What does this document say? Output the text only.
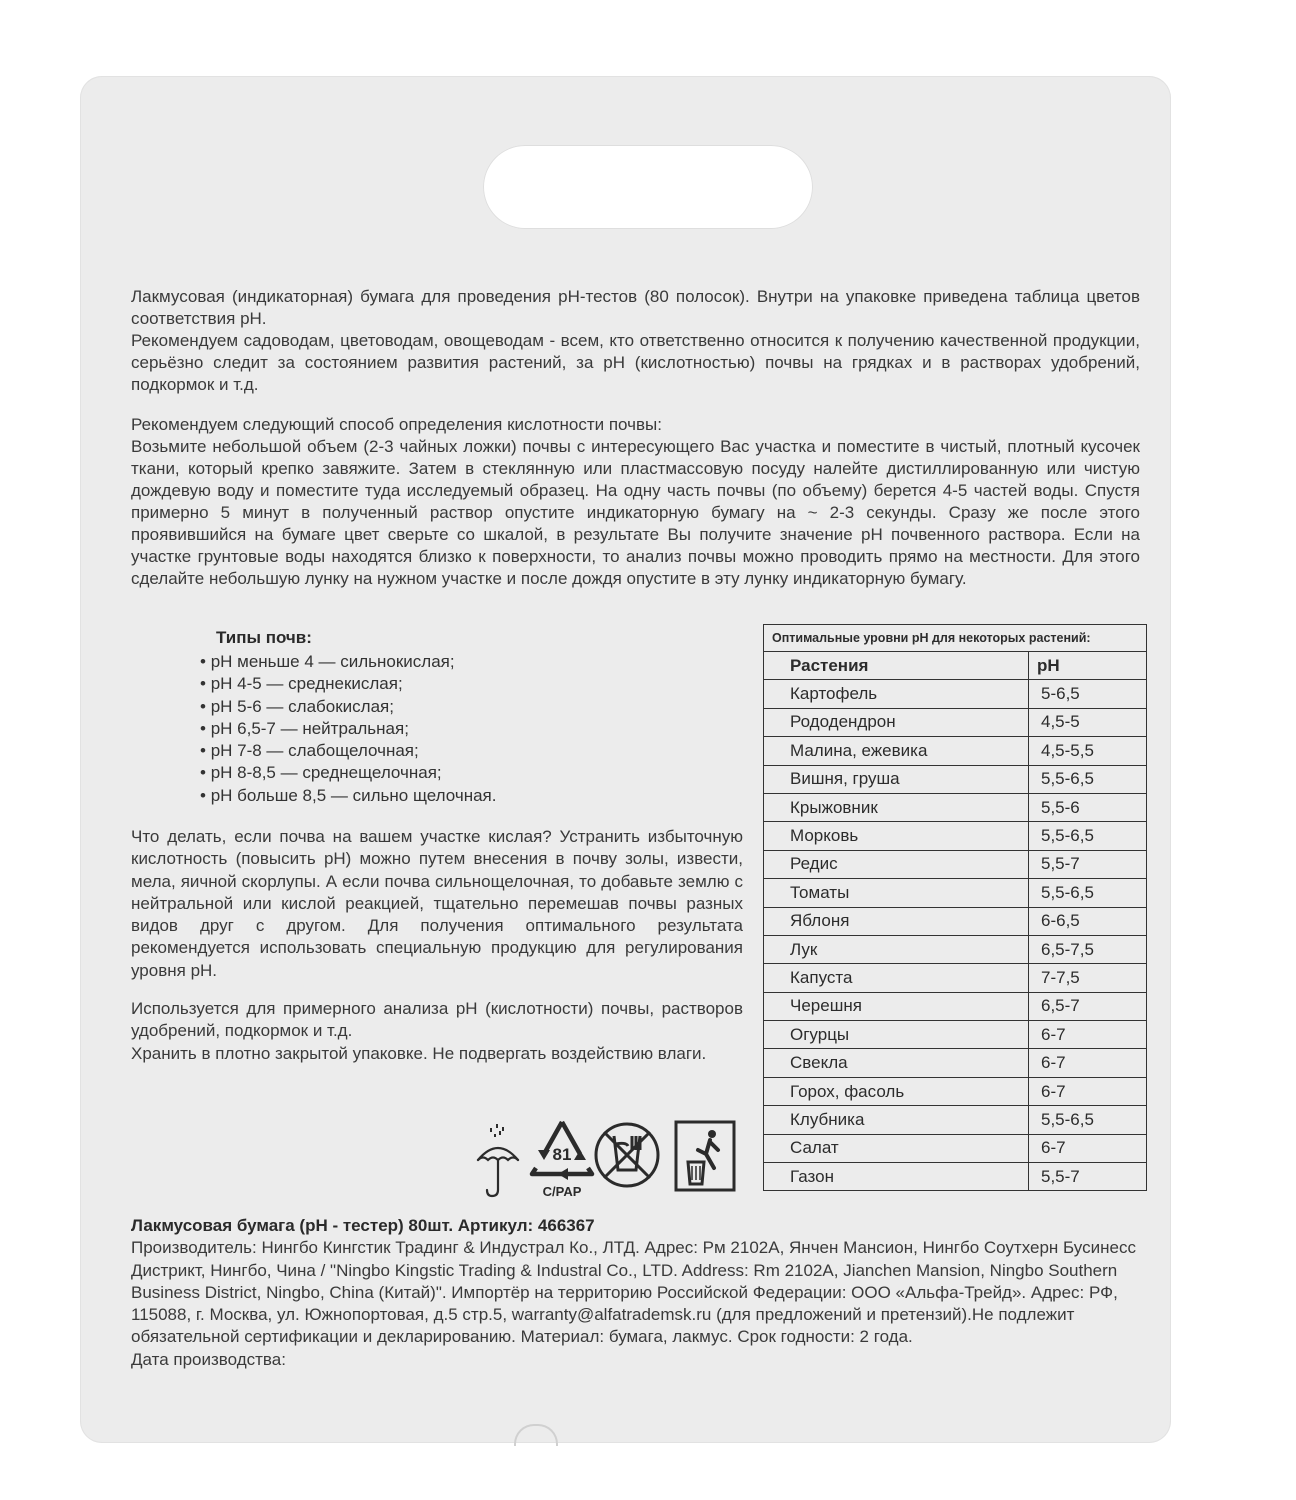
Лакмусовая (индикаторная) бумага для проведения pH-тестов (80 полосок). Внутри на упаковке приведена таблица цветов соответствия pH.

Рекомендуем садоводам, цветоводам, овощеводам - всем, кто ответственно относится к получению качественной продукции, серьёзно следит за состоянием развития растений, за pH (кислотностью) почвы на грядках и в растворах удобрений, подкормок и т.д.

Рекомендуем следующий способ определения кислотности почвы:

Возьмите небольшой объем (2-3 чайных ложки) почвы с интересующего Вас участка и поместите в чистый, плотный кусочек ткани, который крепко завяжите. Затем в стеклянную или пластмассовую посуду налейте дистиллированную или чистую дождевую воду и поместите туда исследуемый образец. На одну часть почвы (по объему) берется 4-5 частей воды. Спустя примерно 5 минут в полученный раствор опустите индикаторную бумагу на ~ 2-3 секунды. Сразу же после этого проявившийся на бумаге цвет сверьте со шкалой, в результате Вы получите значение pH почвенного раствора. Если на участке грунтовые воды находятся близко к поверхности, то анализ почвы можно проводить прямо на местности. Для этого сделайте небольшую лунку на нужном участке и после дождя опустите в эту лунку индикаторную бумагу.

Типы почв:
• pH меньше 4 — сильнокислая;
• pH 4-5 — среднекислая;
• pH 5-6 — слабокислая;
• pH 6,5-7 — нейтральная;
• pH 7-8 — слабощелочная;
• pH 8-8,5 — среднещелочная;
• pH больше 8,5 — сильно щелочная.

Что делать, если почва на вашем участке кислая? Устранить избыточную кислотность (повысить pH) можно путем внесения в почву золы, извести, мела, яичной скорлупы. А если почва сильнощелочная, то добавьте землю с нейтральной или кислой реакцией, тщательно перемешав почвы разных видов друг с другом. Для получения оптимального результата рекомендуется использовать специальную продукцию для регулирования уровня pH.

Используется для примерного анализа pH (кислотности) почвы, растворов удобрений, подкормок и т.д.

Хранить в плотно закрытой упаковке. Не подвергать воздействию влаги.

Оптимальные уровни pH для некоторых растений:	
Растения	pH
Картофель	5-6,5
Рододендрон	4,5-5
Малина, ежевика	4,5-5,5
Вишня, груша	5,5-6,5
Крыжовник	5,5-6
Морковь	5,5-6,5
Редис	5,5-7
Томаты	5,5-6,5
Яблоня	6-6,5
Лук	6,5-7,5
Капуста	7-7,5
Черешня	6,5-7
Огурцы	6-7
Свекла	6-7
Горох, фасоль	6-7
Клубника	5,5-6,5
Салат	6-7
Газон	5,5-7
81
C/PAP

Лакмусовая бумага (pH - тестер) 80шт. Артикул: 466367

Производитель: Нингбо Кингстик Традинг & Индустрал Ко., ЛТД. Адрес: Рм 2102А, Янчен Мансион, Нингбо Соутхерн Бусинесс Дистрикт, Нингбо, Чина / "Ningbo Kingstic Trading & Industral Co., LTD. Address: Rm 2102A, Jianchen Mansion, Ningbo Southern Business District, Ningbo, China (Китай)". Импортёр на территорию Российской Федерации: ООО «Альфа-Трейд». Адрес: РФ, 115088, г. Москва, ул. Южнопортовая, д.5 стр.5, warranty@alfatrademsk.ru (для предложений и претензий).Не подлежит обязательной сертификации и декларированию. Материал: бумага, лакмус. Срок годности: 2 года.

Дата производства:
